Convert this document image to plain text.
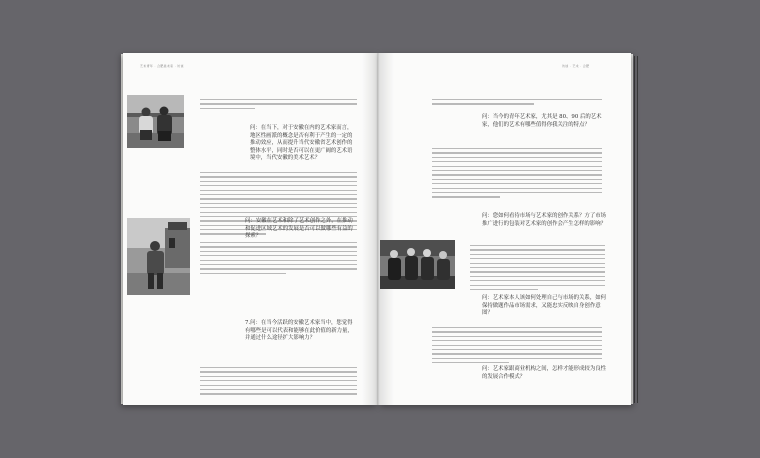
艺术青年 · 合肥美术家 · 访谈	访谈 · 艺术 · 合肥
问：在当下，对于安徽在内的艺术家而言，地区性画派的概念是否有利于产生的一定的推动效应，从而提升当代安徽省艺术创作的整体水平，同时是否可以在更广阔的艺术语境中，当代安徽的美术艺术？
问：安徽在艺术和除了艺术创作之外，在推动和促进区域艺术的发展是否可以做哪些有益的探索？
7.问：在当今活跃的安徽艺术家当中，您觉得有哪些是可以代表和能够在此价值的新力量，并通过什么途径扩大影响力？
问：当今的青年艺术家，尤其是 80、90 后的艺术家，他们的艺术有哪些值得你我关注的特点？
问：您如何看待市场与艺术家的创作关系？方了市场推广进行的包装对艺术家的创作会产生怎样的影响？
问：艺术家本人该如何处理自己与市场的关系，如何保持做题作品市场需求，又能忠实反映自身创作意图？
问：艺术家跟商业机构之间，怎样才能形成较为良性的发展合作模式？
